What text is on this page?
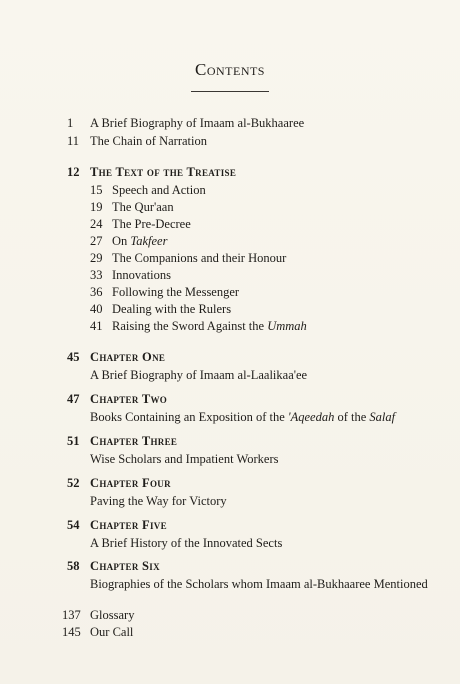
Contents
1 A Brief Biography of Imaam al-Bukhaaree
11 The Chain of Narration
12 The Text of the Treatise
15 Speech and Action
19 The Qur'aan
24 The Pre-Decree
27 On Takfeer
29 The Companions and their Honour
33 Innovations
36 Following the Messenger
40 Dealing with the Rulers
41 Raising the Sword Against the Ummah
45 Chapter One
A Brief Biography of Imaam al-Laalikaa'ee
47 Chapter Two
Books Containing an Exposition of the 'Aqeedah of the Salaf
51 Chapter Three
Wise Scholars and Impatient Workers
52 Chapter Four
Paving the Way for Victory
54 Chapter Five
A Brief History of the Innovated Sects
58 Chapter Six
Biographies of the Scholars whom Imaam al-Bukhaaree Mentioned
137 Glossary
145 Our Call
